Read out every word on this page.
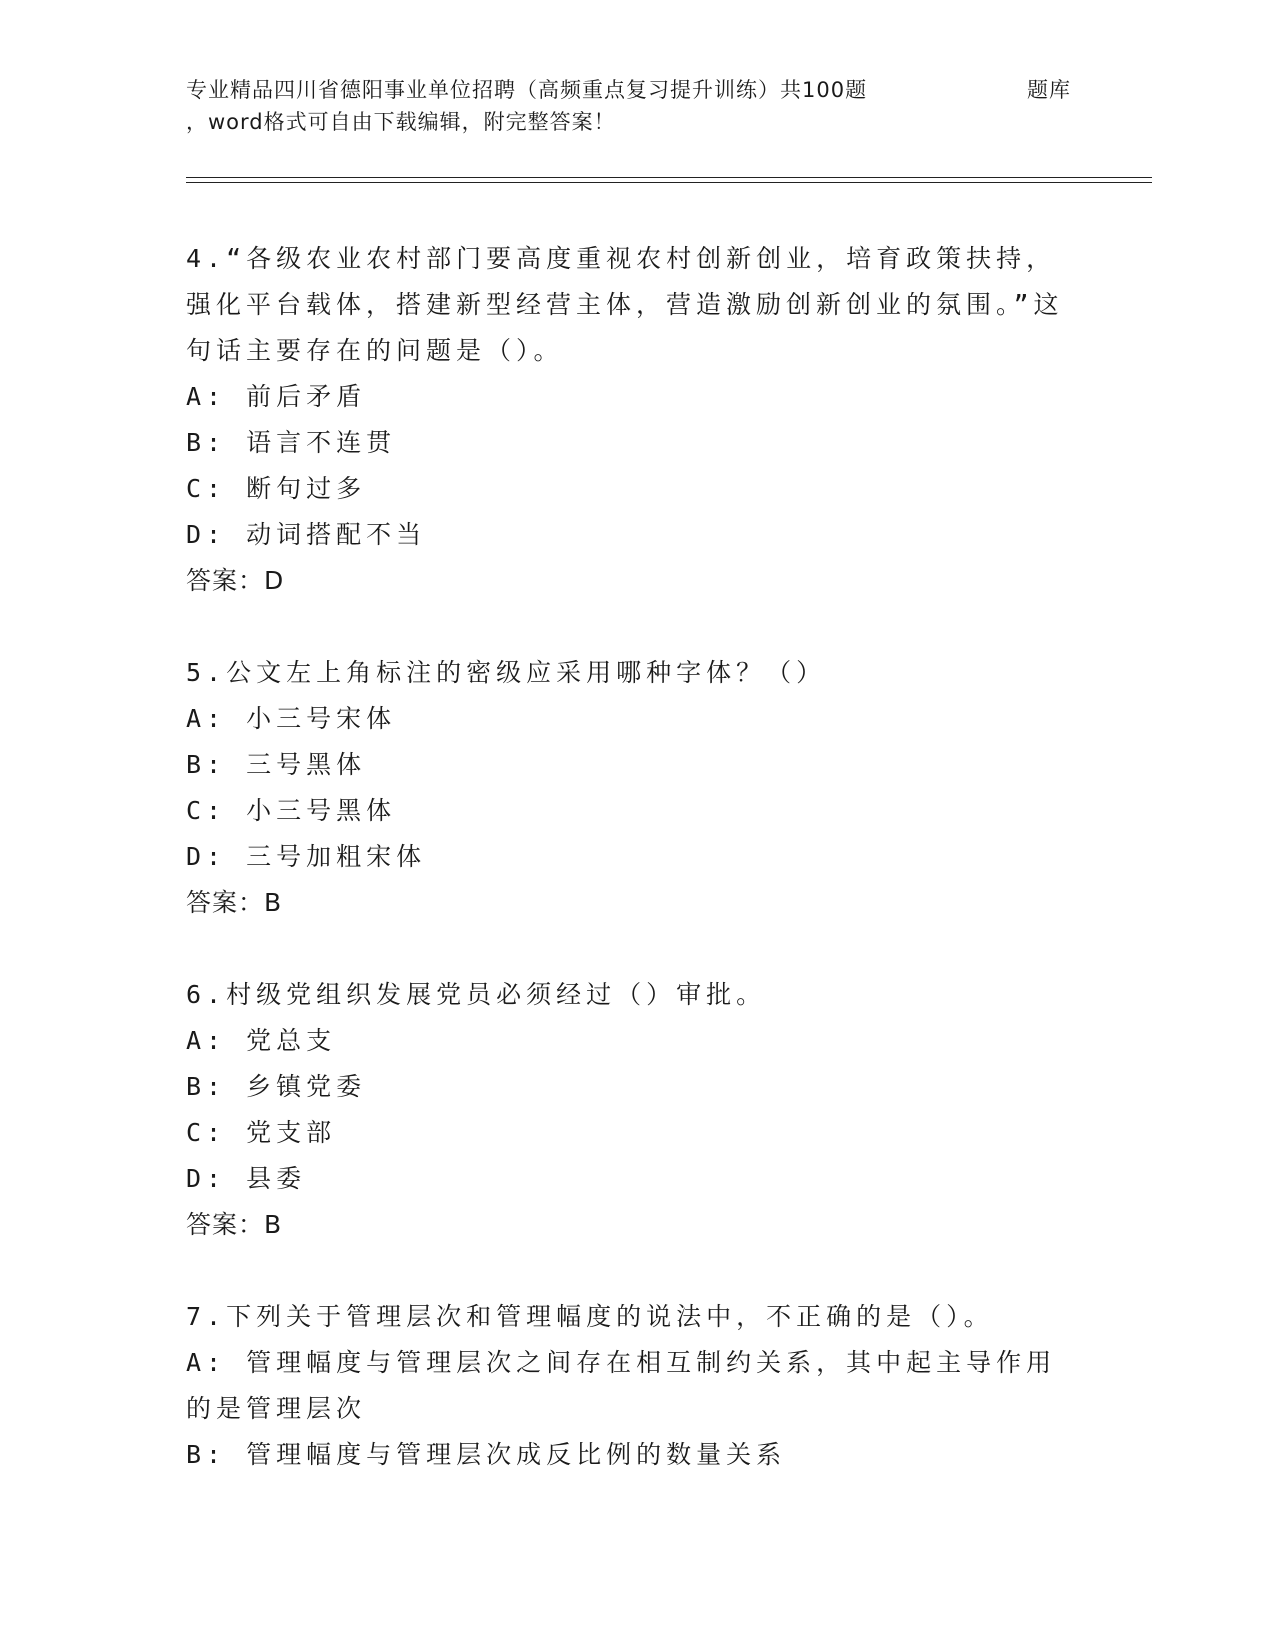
专业精品四川省德阳事业单位招聘（高频重点复习提升训练）共100题	题库
，word格式可自由下载编辑，附完整答案！

4.“各级农业农村部门要高度重视农村创新创业，培育政策扶持，强化平台载体，搭建新型经营主体，营造激励创新创业的氛围。”这句话主要存在的问题是（）。

A: 前后矛盾

B: 语言不连贯

C: 断句过多

D: 动词搭配不当

答案：D

5.公文左上角标注的密级应采用哪种字体？（）

A: 小三号宋体

B: 三号黑体

C: 小三号黑体

D: 三号加粗宋体

答案：B

6.村级党组织发展党员必须经过（）审批。

A: 党总支

B: 乡镇党委

C: 党支部

D: 县委

答案：B

7.下列关于管理层次和管理幅度的说法中，不正确的是（）。

A: 管理幅度与管理层次之间存在相互制约关系，其中起主导作用的是管理层次

B: 管理幅度与管理层次成反比例的数量关系
